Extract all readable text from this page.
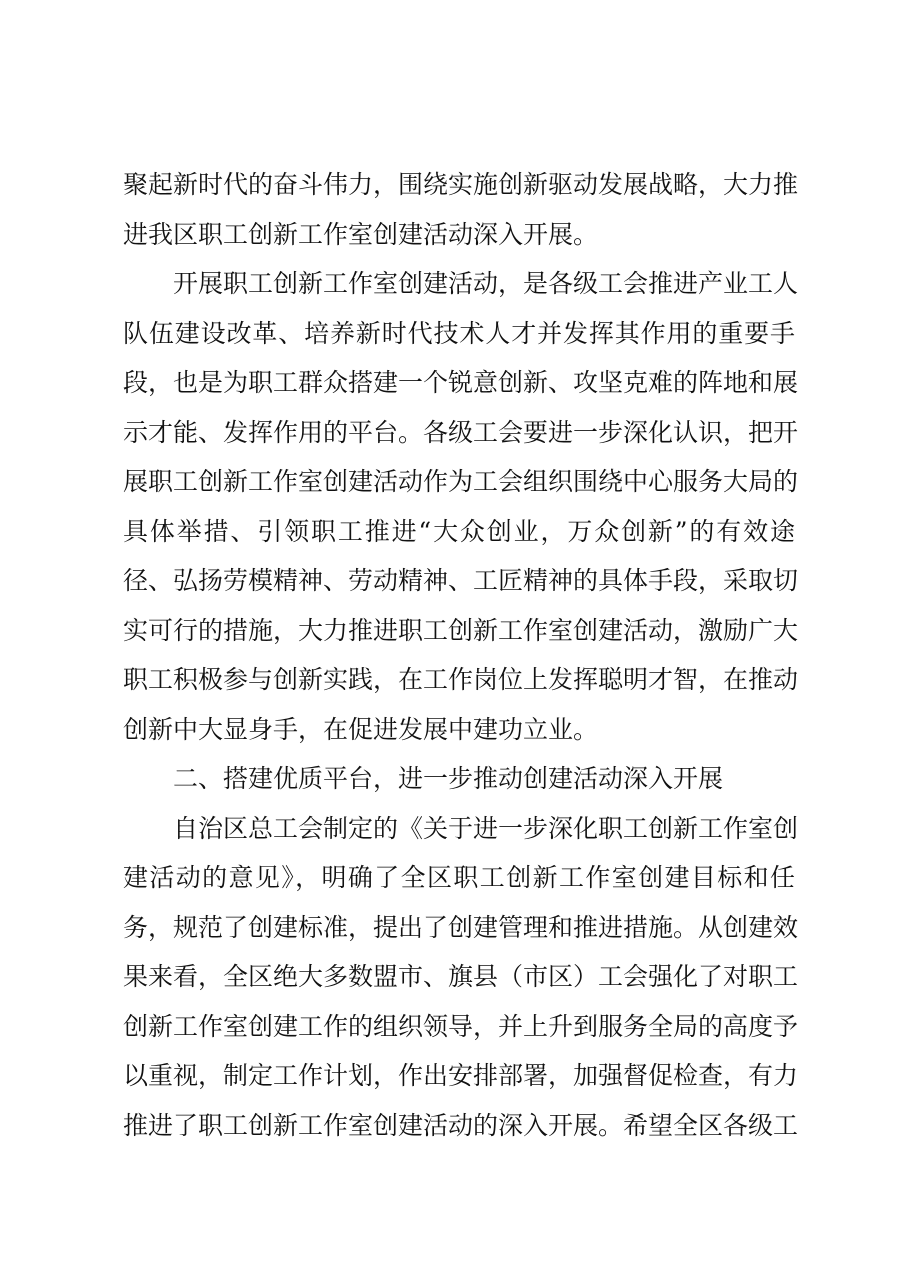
聚起新时代的奋斗伟力，围绕实施创新驱动发展战略，大力推
进我区职工创新工作室创建活动深入开展。
开展职工创新工作室创建活动，是各级工会推进产业工人
队伍建设改革、培养新时代技术人才并发挥其作用的重要手
段，也是为职工群众搭建一个锐意创新、攻坚克难的阵地和展
示才能、发挥作用的平台。各级工会要进一步深化认识，把开
展职工创新工作室创建活动作为工会组织围绕中心服务大局的
具体举措、引领职工推进“大众创业，万众创新”的有效途
径、弘扬劳模精神、劳动精神、工匠精神的具体手段，采取切
实可行的措施，大力推进职工创新工作室创建活动，激励广大
职工积极参与创新实践，在工作岗位上发挥聪明才智，在推动
创新中大显身手，在促进发展中建功立业。
二、搭建优质平台，进一步推动创建活动深入开展
自治区总工会制定的《关于进一步深化职工创新工作室创
建活动的意见》，明确了全区职工创新工作室创建目标和任
务，规范了创建标准，提出了创建管理和推进措施。从创建效
果来看，全区绝大多数盟市、旗县（市区）工会强化了对职工
创新工作室创建工作的组织领导，并上升到服务全局的高度予
以重视，制定工作计划，作出安排部署，加强督促检查，有力
推进了职工创新工作室创建活动的深入开展。希望全区各级工
